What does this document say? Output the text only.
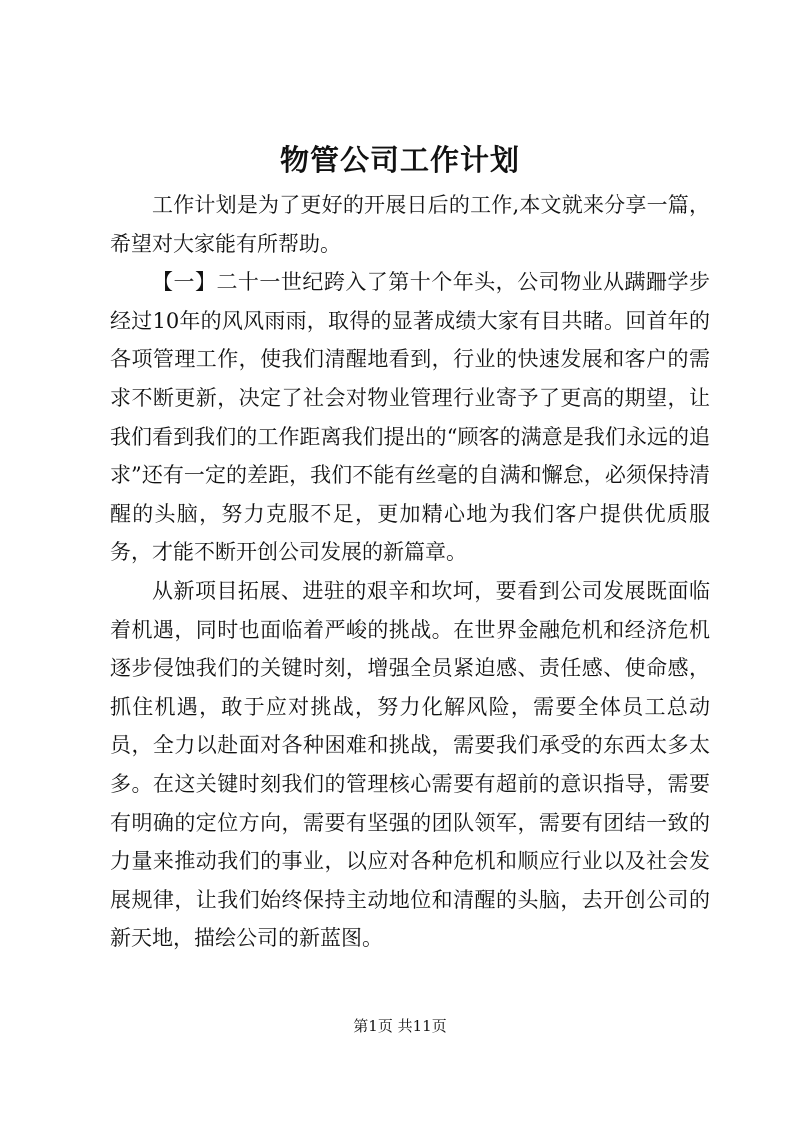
物管公司工作计划

工作计划是为了更好的开展日后的工作,本文就来分享一篇，希望对大家能有所帮助。

【一】二十一世纪跨入了第十个年头，公司物业从蹒跚学步经过10年的风风雨雨，取得的显著成绩大家有目共睹。回首年的各项管理工作，使我们清醒地看到，行业的快速发展和客户的需求不断更新，决定了社会对物业管理行业寄予了更高的期望，让我们看到我们的工作距离我们提出的“顾客的满意是我们永远的追求”还有一定的差距，我们不能有丝毫的自满和懈怠，必须保持清醒的头脑，努力克服不足，更加精心地为我们客户提供优质服务，才能不断开创公司发展的新篇章。

从新项目拓展、进驻的艰辛和坎坷，要看到公司发展既面临着机遇，同时也面临着严峻的挑战。在世界金融危机和经济危机逐步侵蚀我们的关键时刻，增强全员紧迫感、责任感、使命感，抓住机遇，敢于应对挑战，努力化解风险，需要全体员工总动员，全力以赴面对各种困难和挑战，需要我们承受的东西太多太多。在这关键时刻我们的管理核心需要有超前的意识指导，需要有明确的定位方向，需要有坚强的团队领军，需要有团结一致的力量来推动我们的事业，以应对各种危机和顺应行业以及社会发展规律，让我们始终保持主动地位和清醒的头脑，去开创公司的新天地，描绘公司的新蓝图。

第1页 共11页
